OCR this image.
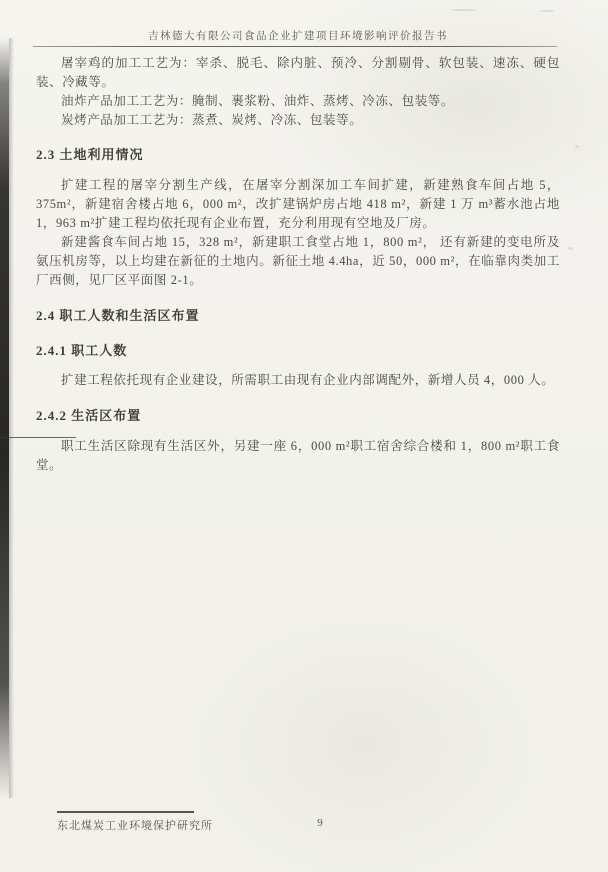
吉林德大有限公司食品企业扩建项目环境影响评价报告书

屠宰鸡的加工工艺为：宰杀、脱毛、除内脏、预冷、分割剔骨、软包装、速冻、硬包装、冷藏等。

油炸产品加工工艺为：腌制、裹浆粉、油炸、蒸烤、冷冻、包装等。

炭烤产品加工工艺为：蒸煮、炭烤、冷冻、包装等。

2.3 土地利用情况

扩建工程的屠宰分割生产线，在屠宰分割深加工车间扩建，新建熟食车间占地 5，375m²，新建宿舍楼占地 6，000 m²，改扩建锅炉房占地 418 m²，新建 1 万 m³蓄水池占地 1，963 m²扩建工程均依托现有企业布置，充分利用现有空地及厂房。

新建酱食车间占地 15，328 m²，新建职工食堂占地 1，800 m²， 还有新建的变电所及氨压机房等，以上均建在新征的土地内。新征土地 4.4ha，近 50，000 m²，在临靠肉类加工厂西侧，见厂区平面图 2-1。

2.4 职工人数和生活区布置
2.4.1 职工人数

扩建工程依托现有企业建设，所需职工由现有企业内部调配外，新增人员 4，000 人。

2.4.2 生活区布置

职工生活区除现有生活区外，另建一座 6，000 m²职工宿舍综合楼和 1，800 m²职工食堂。

东北煤炭工业环境保护研究所	9
